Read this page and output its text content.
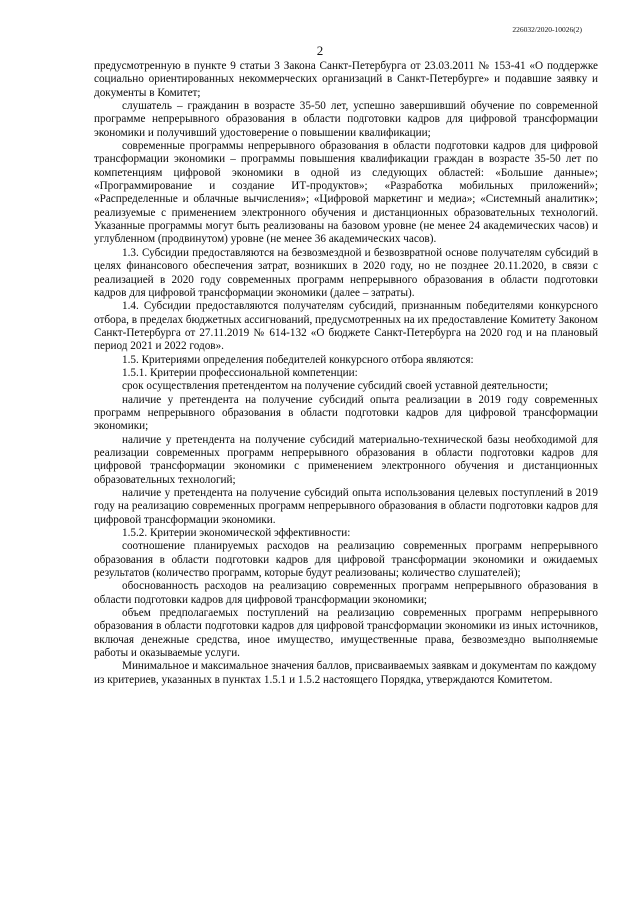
226032/2020-10026(2)
2

предусмотренную в пункте 9 статьи 3 Закона Санкт-Петербурга от 23.03.2011 № 153-41 «О поддержке социально ориентированных некоммерческих организаций в Санкт-Петербурге» и подавшие заявку и документы в Комитет;

слушатель – гражданин в возрасте 35-50 лет, успешно завершивший обучение по современной программе непрерывного образования в области подготовки кадров для цифровой трансформации экономики и получивший удостоверение о повышении квалификации;

современные программы непрерывного образования в области подготовки кадров для цифровой трансформации экономики – программы повышения квалификации граждан в возрасте 35-50 лет по компетенциям цифровой экономики в одной из следующих областей: «Большие данные»; «Программирование и создание ИТ-продуктов»; «Разработка мобильных приложений»; «Распределенные и облачные вычисления»; «Цифровой маркетинг и медиа»; «Системный аналитик»; реализуемые с применением электронного обучения и дистанционных образовательных технологий. Указанные программы могут быть реализованы на базовом уровне (не менее 24 академических часов) и углубленном (продвинутом) уровне (не менее 36 академических часов).

1.3. Субсидии предоставляются на безвозмездной и безвозвратной основе получателям субсидий в целях финансового обеспечения затрат, возникших в 2020 году, но не позднее 20.11.2020, в связи с реализацией в 2020 году современных программ непрерывного образования в области подготовки кадров для цифровой трансформации экономики (далее – затраты).

1.4. Субсидии предоставляются получателям субсидий, признанным победителями конкурсного отбора, в пределах бюджетных ассигнований, предусмотренных на их предоставление Комитету Законом Санкт-Петербурга от 27.11.2019 № 614-132 «О бюджете Санкт-Петербурга на 2020 год и на плановый период 2021 и 2022 годов».

1.5. Критериями определения победителей конкурсного отбора являются:

1.5.1. Критерии профессиональной компетенции:

срок осуществления претендентом на получение субсидий своей уставной деятельности;

наличие у претендента на получение субсидий опыта реализации в 2019 году современных программ непрерывного образования в области подготовки кадров для цифровой трансформации экономики;

наличие у претендента на получение субсидий материально-технической базы необходимой для реализации современных программ непрерывного образования в области подготовки кадров для цифровой трансформации экономики с применением электронного обучения и дистанционных образовательных технологий;

наличие у претендента на получение субсидий опыта использования целевых поступлений в 2019 году на реализацию современных программ непрерывного образования в области подготовки кадров для цифровой трансформации экономики.

1.5.2. Критерии экономической эффективности:

соотношение планируемых расходов на реализацию современных программ непрерывного образования в области подготовки кадров для цифровой трансформации экономики и ожидаемых результатов (количество программ, которые будут реализованы; количество слушателей);

обоснованность расходов на реализацию современных программ непрерывного образования в области подготовки кадров для цифровой трансформации экономики;

объем предполагаемых поступлений на реализацию современных программ непрерывного образования в области подготовки кадров для цифровой трансформации экономики из иных источников, включая денежные средства, иное имущество, имущественные права, безвозмездно выполняемые работы и оказываемые услуги.

Минимальное и максимальное значения баллов, присваиваемых заявкам и документам по каждому из критериев, указанных в пунктах 1.5.1 и 1.5.2 настоящего Порядка, утверждаются Комитетом.
